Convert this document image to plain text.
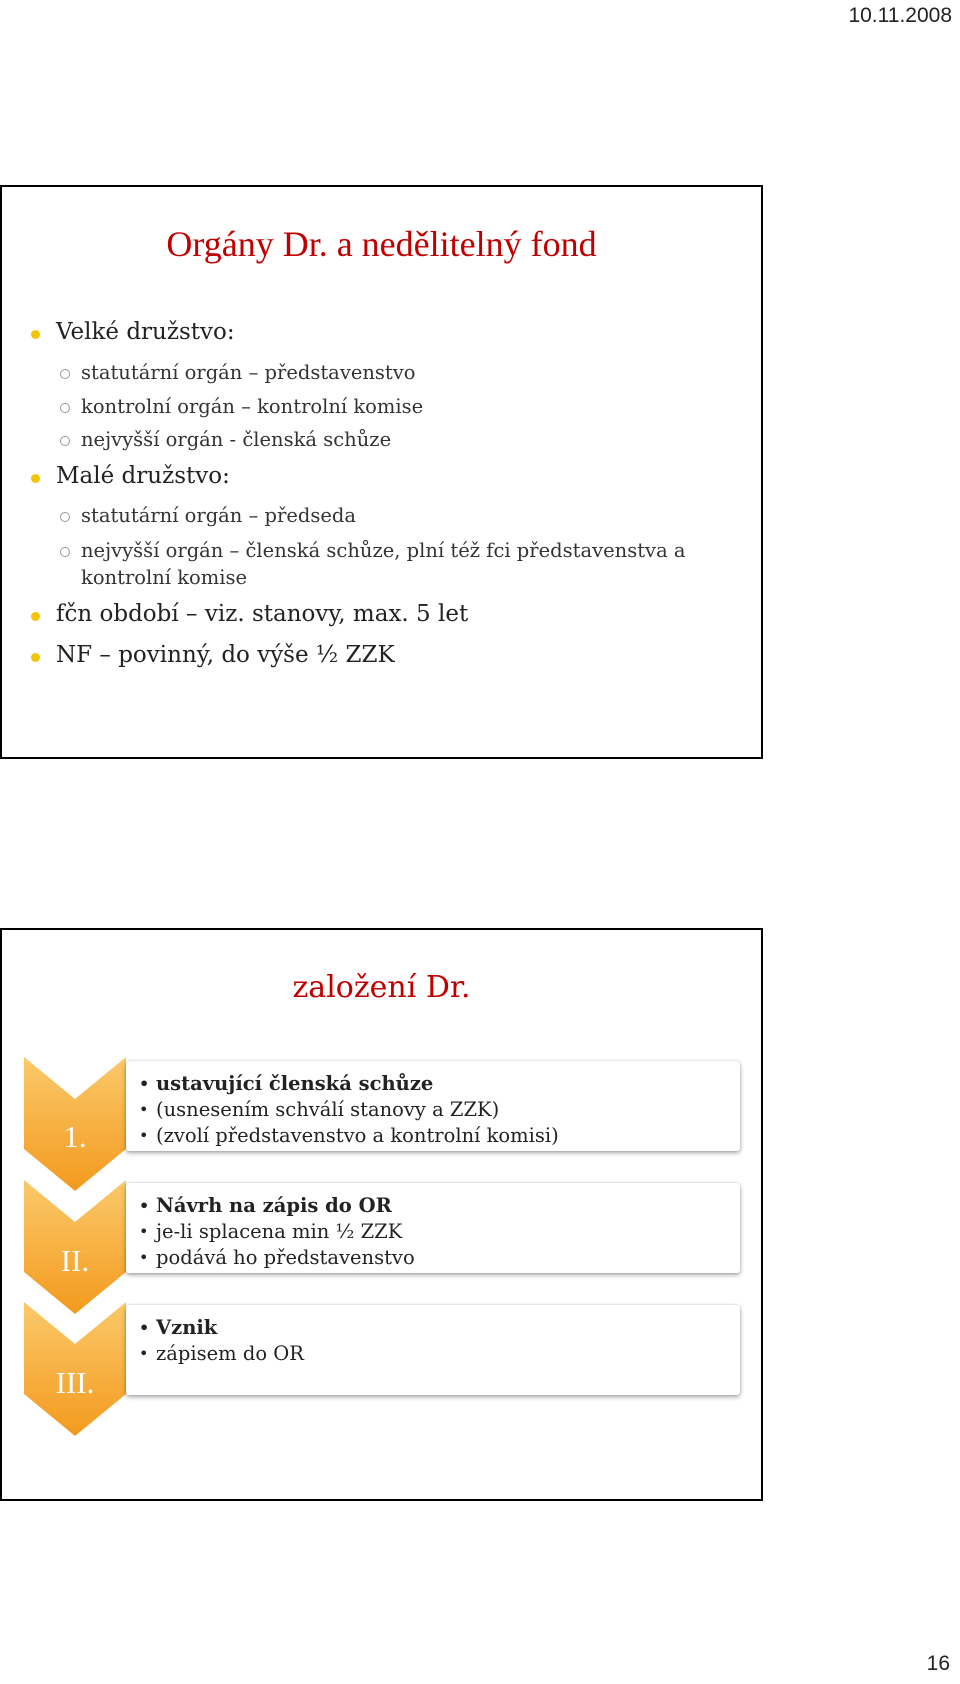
10.11.2008
Orgány Dr. a nedělitelný fond
Velké družstvo:
statutární orgán – představenstvo
kontrolní orgán – kontrolní komise
nejvyšší orgán - členská schůze
Malé družstvo:
statutární orgán – předseda
nejvyšší orgán – členská schůze, plní též fci představenstva a
kontrolní komise
fčn období – viz. stanovy, max. 5 let
NF – povinný, do výše ½ ZZK
založení Dr.
1.
• ustavující členská schůze
• (usnesením schválí stanovy a ZZK)
• (zvolí představenstvo a kontrolní komisi)
II.
• Návrh na zápis do OR
• je-li splacena min ½ ZZK
• podává ho představenstvo
III.
• Vznik
• zápisem do OR
16
